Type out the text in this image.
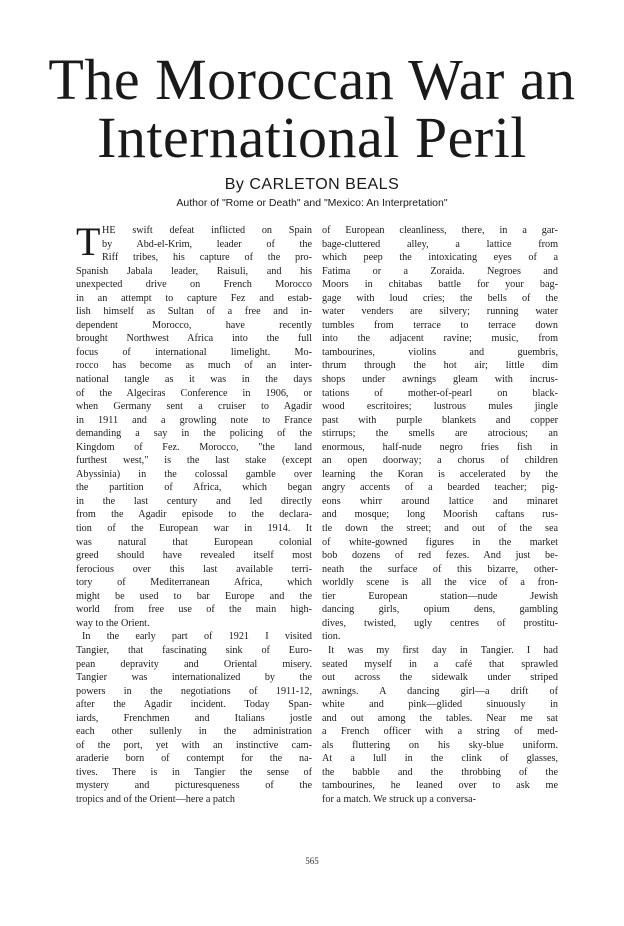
The Moroccan War an
International Peril
By CARLETON BEALS
Author of "Rome or Death" and "Mexico: An Interpretation"
T HE swift defeat inflicted on Spain
by Abd-el-Krim, leader of the
Riff tribes, his capture of the pro-
Spanish Jabala leader, Raisuli, and his
unexpected drive on French Morocco
in an attempt to capture Fez and estab-
lish himself as Sultan of a free and in-
dependent Morocco, have recently
brought Northwest Africa into the full
focus of international limelight. Mo-
rocco has become as much of an inter-
national tangle as it was in the days
of the Algeciras Conference in 1906, or
when Germany sent a cruiser to Agadir
in 1911 and a growling note to France
demanding a say in the policing of the
Kingdom of Fez. Morocco, "the land
furthest west," is the last stake (except
Abyssinia) in the colossal gamble over
the partition of Africa, which began
in the last century and led directly
from the Agadir episode to the declara-
tion of the European war in 1914. It
was natural that European colonial
greed should have revealed itself most
ferocious over this last available terri-
tory of Mediterranean Africa, which
might be used to bar Europe and the
world from free use of the main high-
way to the Orient.
In the early part of 1921 I visited
Tangier, that fascinating sink of Euro-
pean depravity and Oriental misery.
Tangier was internationalized by the
powers in the negotiations of 1911-12,
after the Agadir incident. Today Span-
iards, Frenchmen and Italians jostle
each other sullenly in the administration
of the port, yet with an instinctive cam-
araderie born of contempt for the na-
tives. There is in Tangier the sense of
mystery and picturesqueness of the
tropics and of the Orient—here a patch
of European cleanliness, there, in a gar-
bage-cluttered alley, a lattice from
which peep the intoxicating eyes of a
Fatima or a Zoraida. Negroes and
Moors in chitabas battle for your bag-
gage with loud cries; the bells of the
water venders are silvery; running water
tumbles from terrace to terrace down
into the adjacent ravine; music, from
tambourines, violins and guembris,
thrum through the hot air; little dim
shops under awnings gleam with incrus-
tations of mother-of-pearl on black-
wood escritoires; lustrous mules jingle
past with purple blankets and copper
stirrups; the smells are atrocious; an
enormous, half-nude negro fries fish in
an open doorway; a chorus of children
learning the Koran is accelerated by the
angry accents of a bearded teacher; pig-
eons whirr around lattice and minaret
and mosque; long Moorish caftans rus-
tle down the street; and out of the sea
of white-gowned figures in the market
bob dozens of red fezes. And just be-
neath the surface of this bizarre, other-
worldly scene is all the vice of a fron-
tier European station—nude Jewish
dancing girls, opium dens, gambling
dives, twisted, ugly centres of prostitu-
tion.
It was my first day in Tangier. I had
seated myself in a café that sprawled
out across the sidewalk under striped
awnings. A dancing girl—a drift of
white and pink—glided sinuously in
and out among the tables. Near me sat
a French officer with a string of med-
als fluttering on his sky-blue uniform.
At a lull in the clink of glasses,
the babble and the throbbing of the
tambourines, he leaned over to ask me
for a match. We struck up a conversa-
565
